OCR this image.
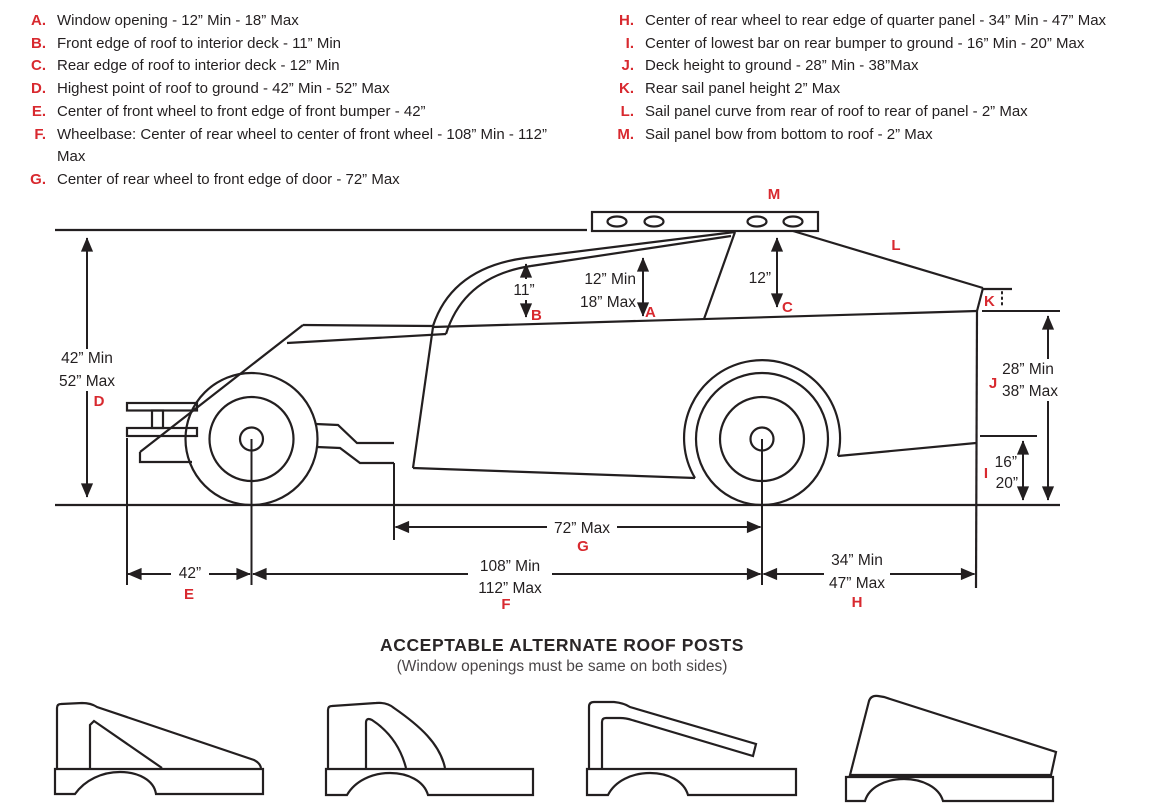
A. Window opening - 12” Min - 18” Max
B. Front edge of roof to interior deck - 11” Min
C. Rear edge of roof to interior deck - 12” Min
D. Highest point of roof to ground - 42” Min - 52” Max
E. Center of front wheel to front edge of front bumper - 42”
F. Wheelbase: Center of rear wheel to center of front wheel - 108” Min - 112” Max
G. Center of rear wheel to front edge of door - 72” Max
H. Center of rear wheel to rear edge of quarter panel - 34” Min - 47” Max
I. Center of lowest bar on rear bumper to ground - 16” Min - 20” Max
J. Deck height to ground - 28” Min - 38”Max
K. Rear sail panel height 2” Max
L. Sail panel curve from rear of roof to rear of panel - 2” Max
M. Sail panel bow from bottom to roof - 2” Max
42” Min
52” Max
11”
12” Min
18” Max
12”
28” Min
38” Max
16”
20”
42”	108” Min
112” Max
72” Max
34” Min
47” Max
A
B	C
D
E
F
G
H
I
J
K
L
M
ACCEPTABLE ALTERNATE ROOF POSTS
(Window openings must be same on both sides)
